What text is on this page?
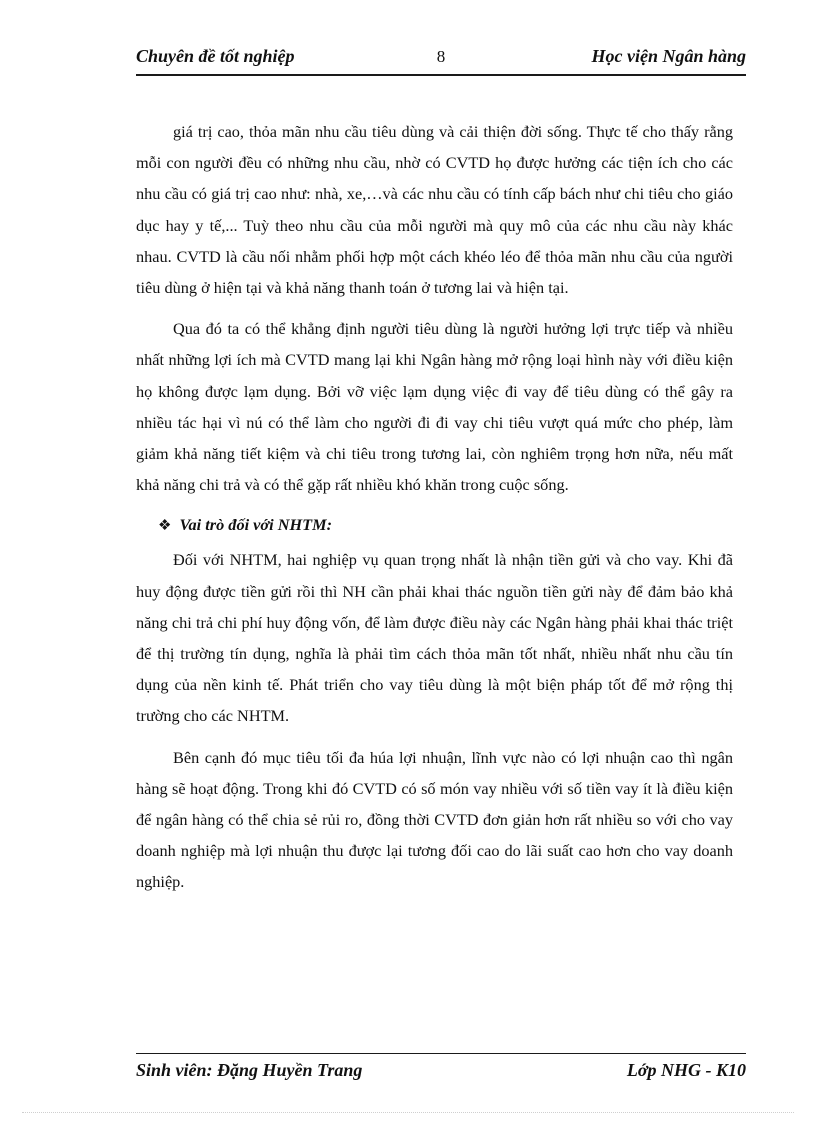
Chuyên đề tốt nghiệp	8	Học viện Ngân hàng

giá trị cao, thỏa mãn nhu cầu tiêu dùng và cải thiện đời sống. Thực tế cho thấy rằng mỗi con người đều có những nhu cầu, nhờ có CVTD họ được hưởng các tiện ích cho các nhu cầu có giá trị cao như: nhà, xe,…và các nhu cầu có tính cấp bách như chi tiêu cho giáo dục hay y tế,... Tuỳ theo nhu cầu của mỗi người mà quy mô của các nhu cầu này khác nhau. CVTD là cầu nối nhằm phối hợp một cách khéo léo để thỏa mãn nhu cầu của người tiêu dùng ở hiện tại và khả năng thanh toán ở tương lai và hiện tại.

Qua đó ta có thể khẳng định người tiêu dùng là người hưởng lợi trực tiếp và nhiều nhất những lợi ích mà CVTD mang lại khi Ngân hàng mở rộng loại hình này với điều kiện họ không được lạm dụng. Bởi vỡ việc lạm dụng việc đi vay để tiêu dùng có thể gây ra nhiều tác hại vì nú có thể làm cho người đi đi vay chi tiêu vượt quá mức cho phép, làm giảm khả năng tiết kiệm và chi tiêu trong tương lai, còn nghiêm trọng hơn nữa, nếu mất khả năng chi trả và có thể gặp rất nhiều khó khăn trong cuộc sống.

❖ Vai trò đối với NHTM:

Đối với NHTM, hai nghiệp vụ quan trọng nhất là nhận tiền gửi và cho vay. Khi đã huy động được tiền gửi rồi thì NH cần phải khai thác nguồn tiền gửi này để đảm bảo khả năng chi trả chi phí huy động vốn, để làm được điều này các Ngân hàng phải khai thác triệt để thị trường tín dụng, nghĩa là phải tìm cách thỏa mãn tốt nhất, nhiều nhất nhu cầu tín dụng của nền kinh tế. Phát triển cho vay tiêu dùng là một biện pháp tốt để mở rộng thị trường cho các NHTM.

Bên cạnh đó mục tiêu tối đa húa lợi nhuận, lĩnh vực nào có lợi nhuận cao thì ngân hàng sẽ hoạt động. Trong khi đó CVTD có số món vay nhiều với số tiền vay ít là điều kiện để ngân hàng có thể chia sẻ rủi ro, đồng thời CVTD đơn giản hơn rất nhiều so với cho vay doanh nghiệp mà lợi nhuận thu được lại tương đối cao do lãi suất cao hơn cho vay doanh nghiệp.

Sinh viên: Đặng Huyền Trang	Lớp NHG - K10
